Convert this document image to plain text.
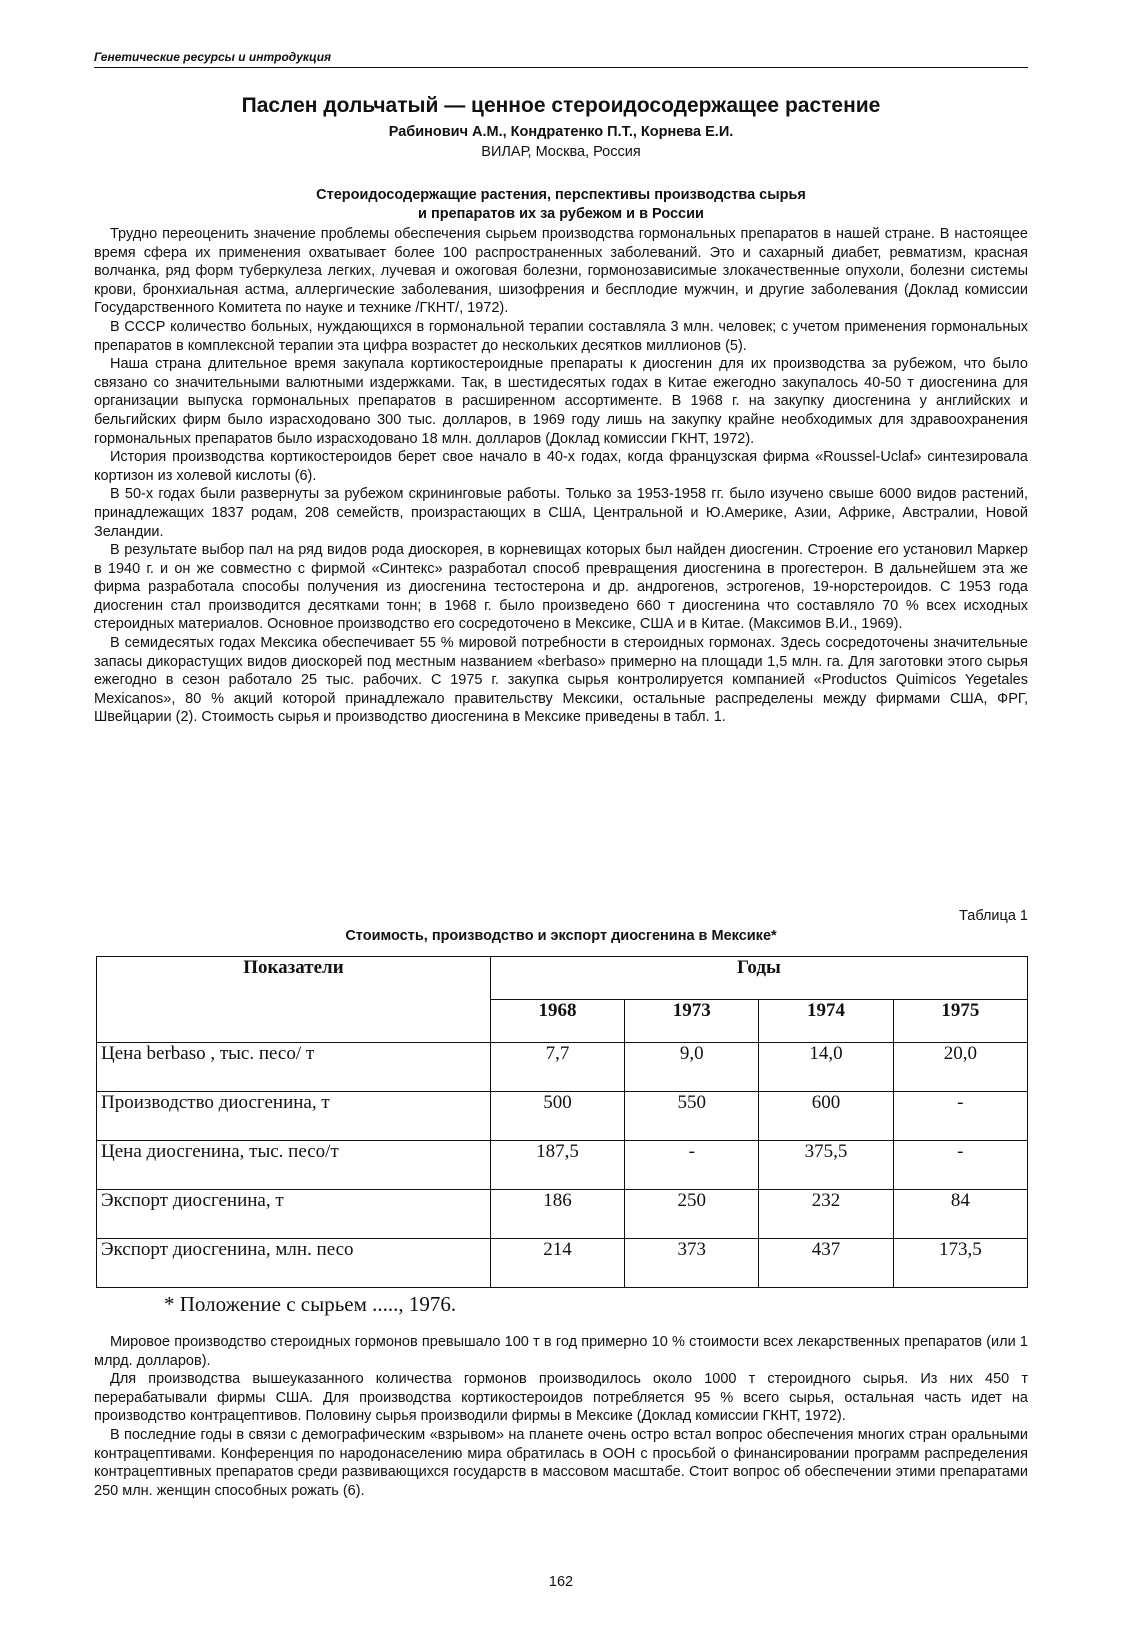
Генетические ресурсы и интродукция
Паслен дольчатый — ценное стероидосодержащее растение
Рабинович А.М., Кондратенко П.Т., Корнева Е.И.
ВИЛАР, Москва, Россия
Стероидосодержащие растения, перспективы производства сырья
и препаратов их за рубежом и в России

Трудно переоценить значение проблемы обеспечения сырьем производства гормональных препаратов в нашей стране. В настоящее время сфера их применения охватывает более 100 распространенных заболеваний. Это и сахарный диабет, ревматизм, красная волчанка, ряд форм туберкулеза легких, лучевая и ожоговая болезни, гормонозависимые злокачественные опухоли, болезни системы крови, бронхиальная астма, аллергические заболевания, шизофрения и бесплодие мужчин, и другие заболевания (Доклад комиссии Государственного Комитета по науке и технике /ГКНТ/, 1972).

В СССР количество больных, нуждающихся в гормональной терапии составляла 3 млн. человек; с учетом применения гормональных препаратов в комплексной терапии эта цифра возрастет до нескольких десятков миллионов (5).

Наша страна длительное время закупала кортикостероидные препараты к диосгенин для их производства за рубежом, что было связано со значительными валютными издержками. Так, в шестидесятых годах в Китае ежегодно закупалось 40-50 т диосгенина для организации выпуска гормональных препаратов в расширенном ассортименте. В 1968 г. на закупку диосгенина у английских и бельгийских фирм было израсходовано 300 тыс. долларов, в 1969 году лишь на закупку крайне необходимых для здравоохранения гормональных препаратов было израсходовано 18 млн. долларов (Доклад комиссии ГКНТ, 1972).

История производства кортикостероидов берет свое начало в 40-х годах, когда французская фирма «Roussel-Uclaf» синтезировала кортизон из холевой кислоты (6).

В 50-х годах были развернуты за рубежом скрининговые работы. Только за 1953-1958 гг. было изучено свыше 6000 видов растений, принадлежащих 1837 родам, 208 семейств, произрастающих в США, Центральной и Ю.Америке, Азии, Африке, Австралии, Новой Зеландии.

В результате выбор пал на ряд видов рода диоскорея, в корневищах которых был найден диосгенин. Строение его установил Маркер в 1940 г. и он же совместно с фирмой «Синтекс» разработал способ превращения диосгенина в прогестерон. В дальнейшем эта же фирма разработала способы получения из диосгенина тестостерона и др. андрогенов, эстрогенов, 19-норстероидов. С 1953 года диосгенин стал производится десятками тонн; в 1968 г. было произведено 660 т диосгенина что составляло 70 % всех исходных стероидных материалов. Основное производство его сосредоточено в Мексике, США и в Китае. (Максимов В.И., 1969).

В семидесятых годах Мексика обеспечивает 55 % мировой потребности в стероидных гормонах. Здесь сосредоточены значительные запасы дикорастущих видов диоскорей под местным названием «berbaso» примерно на площади 1,5 млн. га. Для заготовки этого сырья ежегодно в сезон работало 25 тыс. рабочих. С 1975 г. закупка сырья контролируется компанией «Productos Quimicos Yegetales Mexicanos», 80 % акций которой принадлежало правительству Мексики, остальные распределены между фирмами США, ФРГ, Швейцарии (2). Стоимость сырья и производство диосгенина в Мексике приведены в табл. 1.

Таблица 1
Стоимость, производство и экспорт диосгенина в Мексике*
Показатели	Годы			
	1968	1973	1974	1975
Цена berbaso , тыс. песо/ т	7,7	9,0	14,0	20,0
Производство диосгенина, т	500	550	600	-
Цена диосгенина, тыс. песо/т	187,5	-	375,5	-
Экспорт диосгенина, т	186	250	232	84
Экспорт диосгенина, млн. песо	214	373	437	173,5
* Положение с сырьем ....., 1976.

Мировое производство стероидных гормонов превышало 100 т в год примерно 10 % стоимости всех лекарственных препаратов (или 1 млрд. долларов).

Для производства вышеуказанного количества гормонов производилось около 1000 т стероидного сырья. Из них 450 т перерабатывали фирмы США. Для производства кортикостероидов потребляется 95 % всего сырья, остальная часть идет на производство контрацептивов. Половину сырья производили фирмы в Мексике (Доклад комиссии ГКНТ, 1972).

В последние годы в связи с демографическим «взрывом» на планете очень остро встал вопрос обеспечения многих стран оральными контрацептивами. Конференция по народонаселению мира обратилась в ООН с просьбой о финансировании программ распределения контрацептивных препаратов среди развивающихся государств в массовом масштабе. Стоит вопрос об обеспечении этими препаратами 250 млн. женщин способных рожать (6).

162
